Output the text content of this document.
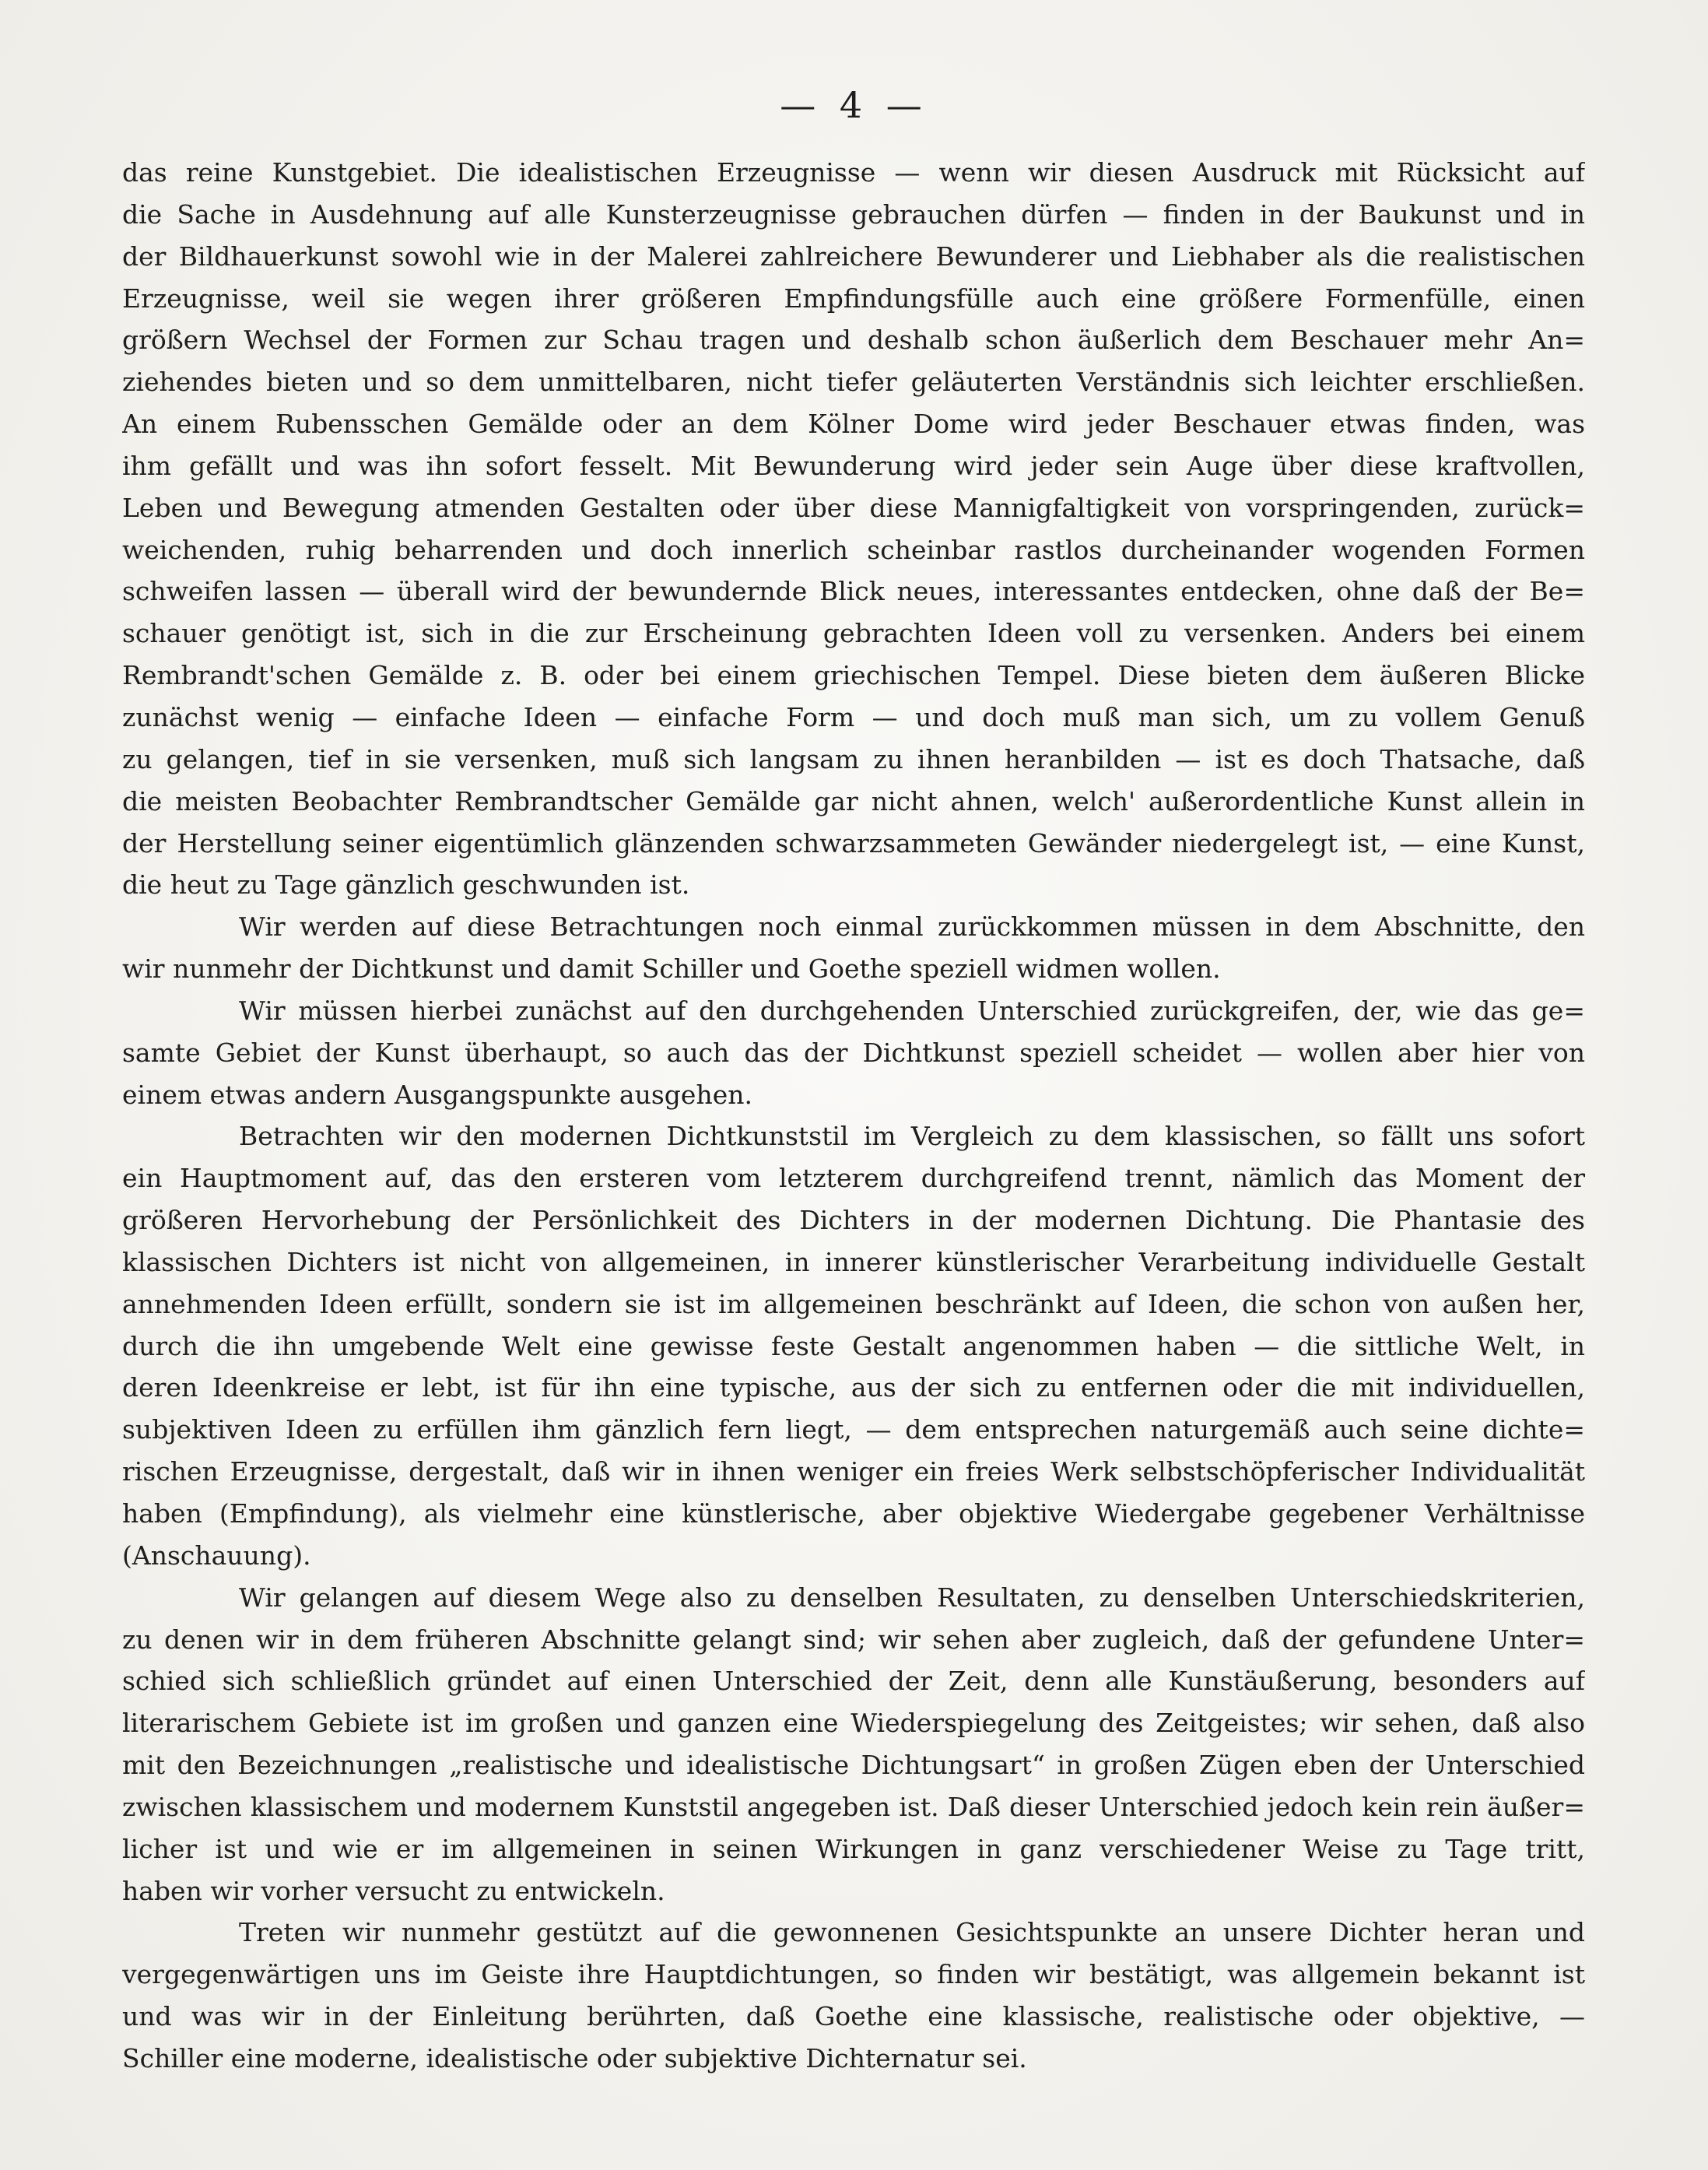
— 4 —
das reine Kunstgebiet. Die idealistischen Erzeugnisse — wenn wir diesen Ausdruck mit Rücksicht auf
die Sache in Ausdehnung auf alle Kunsterzeugnisse gebrauchen dürfen — finden in der Baukunst und in
der Bildhauerkunst sowohl wie in der Malerei zahlreichere Bewunderer und Liebhaber als die realistischen
Erzeugnisse, weil sie wegen ihrer größeren Empfindungsfülle auch eine größere Formenfülle, einen
größern Wechsel der Formen zur Schau tragen und deshalb schon äußerlich dem Beschauer mehr An=
ziehendes bieten und so dem unmittelbaren, nicht tiefer geläuterten Verständnis sich leichter erschließen.
An einem Rubensschen Gemälde oder an dem Kölner Dome wird jeder Beschauer etwas finden, was
ihm gefällt und was ihn sofort fesselt. Mit Bewunderung wird jeder sein Auge über diese kraftvollen,
Leben und Bewegung atmenden Gestalten oder über diese Mannigfaltigkeit von vorspringenden, zurück=
weichenden, ruhig beharrenden und doch innerlich scheinbar rastlos durcheinander wogenden Formen
schweifen lassen — überall wird der bewundernde Blick neues, interessantes entdecken, ohne daß der Be=
schauer genötigt ist, sich in die zur Erscheinung gebrachten Ideen voll zu versenken. Anders bei einem
Rembrandt'schen Gemälde z. B. oder bei einem griechischen Tempel. Diese bieten dem äußeren Blicke
zunächst wenig — einfache Ideen — einfache Form — und doch muß man sich, um zu vollem Genuß
zu gelangen, tief in sie versenken, muß sich langsam zu ihnen heranbilden — ist es doch Thatsache, daß
die meisten Beobachter Rembrandtscher Gemälde gar nicht ahnen, welch' außerordentliche Kunst allein in
der Herstellung seiner eigentümlich glänzenden schwarzsammeten Gewänder niedergelegt ist, — eine Kunst,
die heut zu Tage gänzlich geschwunden ist.
Wir werden auf diese Betrachtungen noch einmal zurückkommen müssen in dem Abschnitte, den
wir nunmehr der Dichtkunst und damit Schiller und Goethe speziell widmen wollen.
Wir müssen hierbei zunächst auf den durchgehenden Unterschied zurückgreifen, der, wie das ge=
samte Gebiet der Kunst überhaupt, so auch das der Dichtkunst speziell scheidet — wollen aber hier von
einem etwas andern Ausgangspunkte ausgehen.
Betrachten wir den modernen Dichtkunststil im Vergleich zu dem klassischen, so fällt uns sofort
ein Hauptmoment auf, das den ersteren vom letzterem durchgreifend trennt, nämlich das Moment der
größeren Hervorhebung der Persönlichkeit des Dichters in der modernen Dichtung. Die Phantasie des
klassischen Dichters ist nicht von allgemeinen, in innerer künstlerischer Verarbeitung individuelle Gestalt
annehmenden Ideen erfüllt, sondern sie ist im allgemeinen beschränkt auf Ideen, die schon von außen her,
durch die ihn umgebende Welt eine gewisse feste Gestalt angenommen haben — die sittliche Welt, in
deren Ideenkreise er lebt, ist für ihn eine typische, aus der sich zu entfernen oder die mit individuellen,
subjektiven Ideen zu erfüllen ihm gänzlich fern liegt, — dem entsprechen naturgemäß auch seine dichte=
rischen Erzeugnisse, dergestalt, daß wir in ihnen weniger ein freies Werk selbstschöpferischer Individualität
haben (Empfindung), als vielmehr eine künstlerische, aber objektive Wiedergabe gegebener Verhältnisse
(Anschauung).
Wir gelangen auf diesem Wege also zu denselben Resultaten, zu denselben Unterschiedskriterien,
zu denen wir in dem früheren Abschnitte gelangt sind; wir sehen aber zugleich, daß der gefundene Unter=
schied sich schließlich gründet auf einen Unterschied der Zeit, denn alle Kunstäußerung, besonders auf
literarischem Gebiete ist im großen und ganzen eine Wiederspiegelung des Zeitgeistes; wir sehen, daß also
mit den Bezeichnungen „realistische und idealistische Dichtungsart“ in großen Zügen eben der Unterschied
zwischen klassischem und modernem Kunststil angegeben ist. Daß dieser Unterschied jedoch kein rein äußer=
licher ist und wie er im allgemeinen in seinen Wirkungen in ganz verschiedener Weise zu Tage tritt,
haben wir vorher versucht zu entwickeln.
Treten wir nunmehr gestützt auf die gewonnenen Gesichtspunkte an unsere Dichter heran und
vergegenwärtigen uns im Geiste ihre Hauptdichtungen, so finden wir bestätigt, was allgemein bekannt ist
und was wir in der Einleitung berührten, daß Goethe eine klassische, realistische oder objektive, —
Schiller eine moderne, idealistische oder subjektive Dichternatur sei.
